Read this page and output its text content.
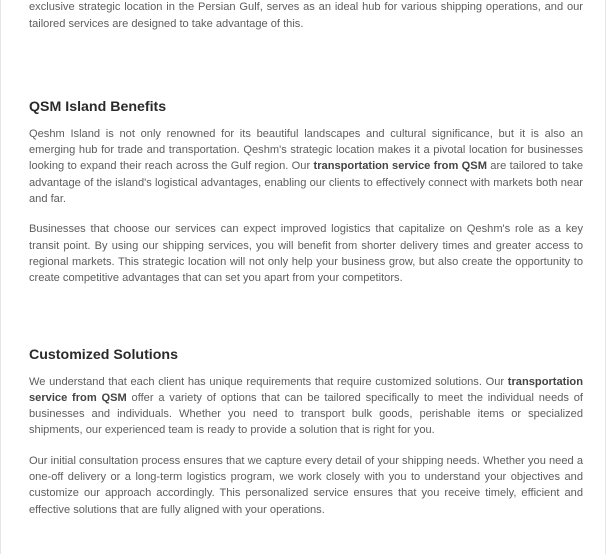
exclusive strategic location in the Persian Gulf, serves as an ideal hub for various shipping operations, and our tailored services are designed to take advantage of this.

QSM Island Benefits

Qeshm Island is not only renowned for its beautiful landscapes and cultural significance, but it is also an emerging hub for trade and transportation. Qeshm's strategic location makes it a pivotal location for businesses looking to expand their reach across the Gulf region. Our transportation service from QSM are tailored to take advantage of the island's logistical advantages, enabling our clients to effectively connect with markets both near and far.

Businesses that choose our services can expect improved logistics that capitalize on Qeshm's role as a key transit point. By using our shipping services, you will benefit from shorter delivery times and greater access to regional markets. This strategic location will not only help your business grow, but also create the opportunity to create competitive advantages that can set you apart from your competitors.

Customized Solutions

We understand that each client has unique requirements that require customized solutions. Our transportation service from QSM offer a variety of options that can be tailored specifically to meet the individual needs of businesses and individuals. Whether you need to transport bulk goods, perishable items or specialized shipments, our experienced team is ready to provide a solution that is right for you.

Our initial consultation process ensures that we capture every detail of your shipping needs. Whether you need a one-off delivery or a long-term logistics program, we work closely with you to understand your objectives and customize our approach accordingly. This personalized service ensures that you receive timely, efficient and effective solutions that are fully aligned with your operations.
